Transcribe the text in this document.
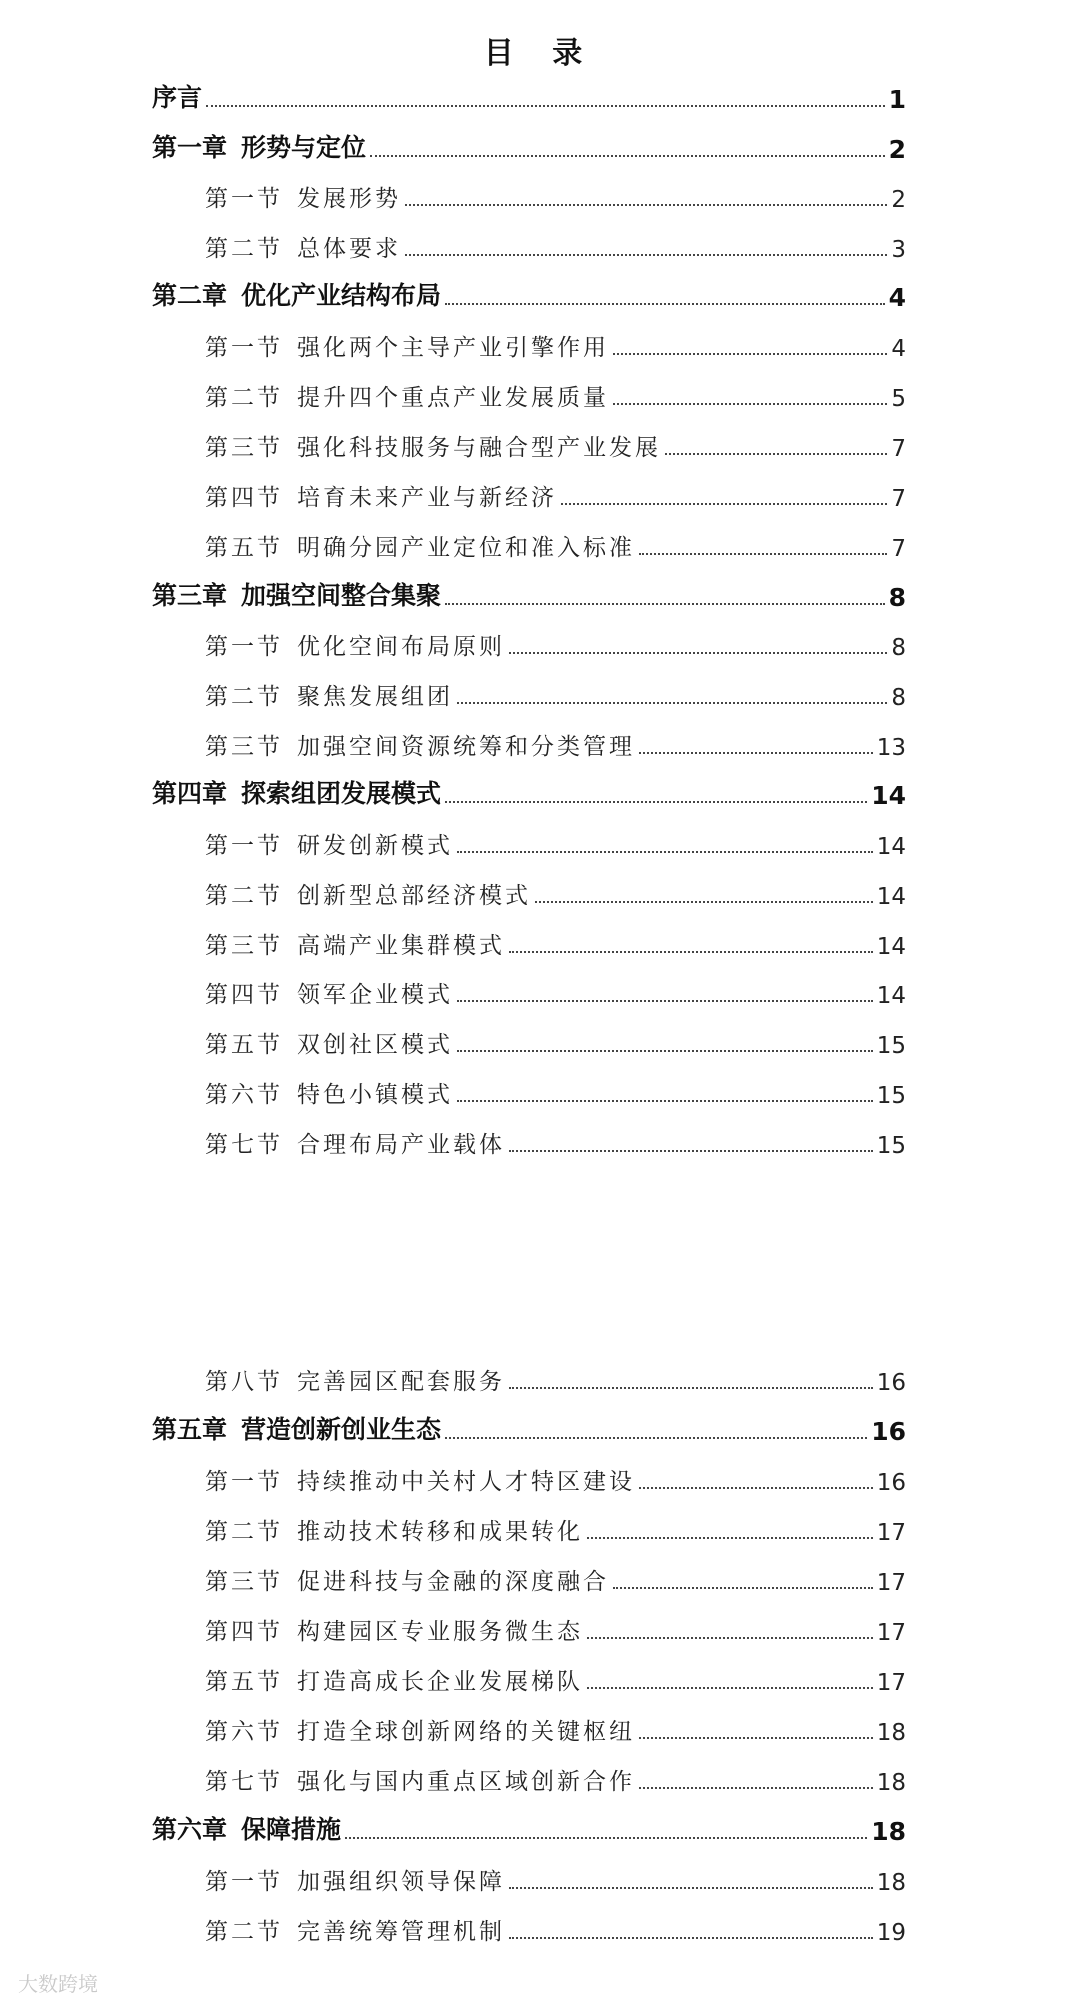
目 录
序言	1
第一章 形势与定位	2
第一节 发展形势	2
第二节 总体要求	3
第二章 优化产业结构布局	4
第一节 强化两个主导产业引擎作用	4
第二节 提升四个重点产业发展质量	5
第三节 强化科技服务与融合型产业发展	7
第四节 培育未来产业与新经济	7
第五节 明确分园产业定位和准入标准	7
第三章 加强空间整合集聚	8
第一节 优化空间布局原则	8
第二节 聚焦发展组团	8
第三节 加强空间资源统筹和分类管理	13
第四章 探索组团发展模式	14
第一节 研发创新模式	14
第二节 创新型总部经济模式	14
第三节 高端产业集群模式	14
第四节 领军企业模式	14
第五节 双创社区模式	15
第六节 特色小镇模式	15
第七节 合理布局产业载体	15
第八节 完善园区配套服务	16
第五章 营造创新创业生态	16
第一节 持续推动中关村人才特区建设	16
第二节 推动技术转移和成果转化	17
第三节 促进科技与金融的深度融合	17
第四节 构建园区专业服务微生态	17
第五节 打造高成长企业发展梯队	17
第六节 打造全球创新网络的关键枢纽	18
第七节 强化与国内重点区域创新合作	18
第六章 保障措施	18
第一节 加强组织领导保障	18
第二节 完善统筹管理机制	19
大数跨境
